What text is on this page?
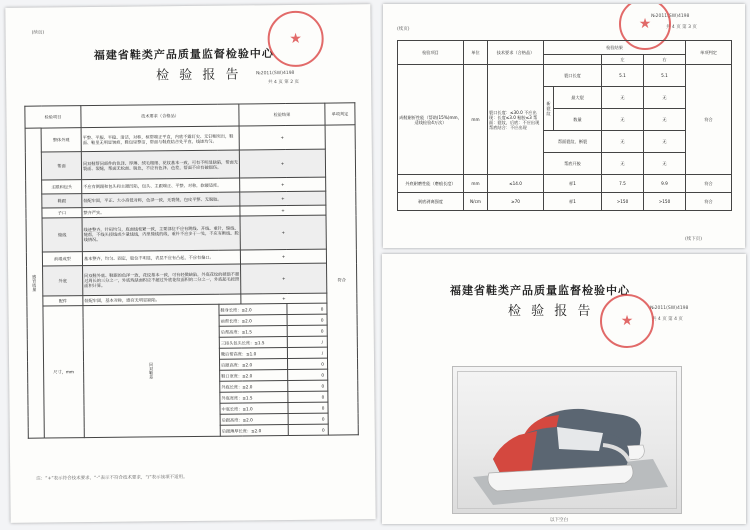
(续页)
福建省鞋类产品质量监督检验中心
检 验 报 告	№2011(SW)4198
共 4 页 第 2 页
★
检验项目		技术要求（合格品）		检验结果		单项判定
感官质量	整体外观	平整、平服、平稳、清洁，对称，楦帮端正平直，内底不露钉尖、无钉帽突出，鞋面、鞋里无明显皱痕，鞋包里整洁，帮面与鞋底结合处平直，线迹均匀。		+		符合
	帮面	同双鞋帮同部件的色泽、厚薄、绒毛粗细、花纹基本一致，可有不明显缺陷，帮面无裂面、裂缝，帮面无松面、脱色，不应有色泽、色差，帮面不应有破损伤。		+		
	主跟和包头	不应有倒跟和包头和主跟凹陷，包头、主跟端正、平整、对称，软硬适度。		+		
	鞋跟	装配牢固，平正、大小高低对称，色泽一致，无裂缝，包皮平整、无脱胶。		+		
	子口	整齐严实。		+		
	缝线	线迹整齐，针码均匀，底面线松紧一致，主要部位不应有跳线、开线、重针，缝线、缝帮，不线头接线或少量线线，内里缝线的线，重针不应多于一处，不应有断线、脱线情况。		+		
	前端成型	基本整齐，均匀、固定，胶位不明显，表层不应有凸起，不应有偏口。		+		
	外底	同双鞋外底、鞋跟的色泽一致，花纹基本一致，可有轻微缺陷，外底花纹的破损不超过周长的三分之一，外底残缺面积应不超过外底花纹面积的二分之一，外底起毛按照面积计算。		+		
	配件	装配牢固，基本对称，感官无明显缺陷。		+		
	尺寸，mm	同双鞋差	鞋身长度：≤2.0		0	
			前帮长度：≤2.0		0	
			后帮高度：≤1.5		0	
			三接头包头长度：≤1.5		/	
			靴后帮高度：≤1.0		/	
			后跟高度：≤2.0		0	
			鞋口宽度：≤2.0		0	
			外底长度：≤2.0		0	
			外底宽度：≤1.5		0	
			中底长度：≤1.0		0	
			后跟高度：≤2.0		0	
			后跟薄厚长度：≤2.0		0	
注：“+”表示符合技术要求，“-”表示不符合技术要求，“/”表示该项不适用。
(续页)
№2011(SW)4198
共 4 页 第 3 页
★
检验项目	单位	技术要求（合格品）	检验结果				单项判定
					左	右	
成鞋耐折性能（帮助(15%)mm，适线检验4万次）	mm	裂口长度：≤30.0 不应出现：长度≤3.0 粘胶≤3 帮面：裂纹，后底：不应出现 帮底结合：不应出现	裂口长度		5.1	5.1	符合
			新裂纹	最大裂	无	无	
				数量	无	无	
			帮面裂纹、断裂		无	无	
			帮底开胶		无	无	
外底耐磨性能（磨痕长度）	mm	≤14.0	样1		7.5	9.9	符合
剥底剥离强度	N/cm	≥70	样1		>150	>150	符合
(续下页)
福建省鞋类产品质量监督检验中心
检 验 报 告	№2011(SW)4198
共 4 页 第 4 页
★
以下空白
